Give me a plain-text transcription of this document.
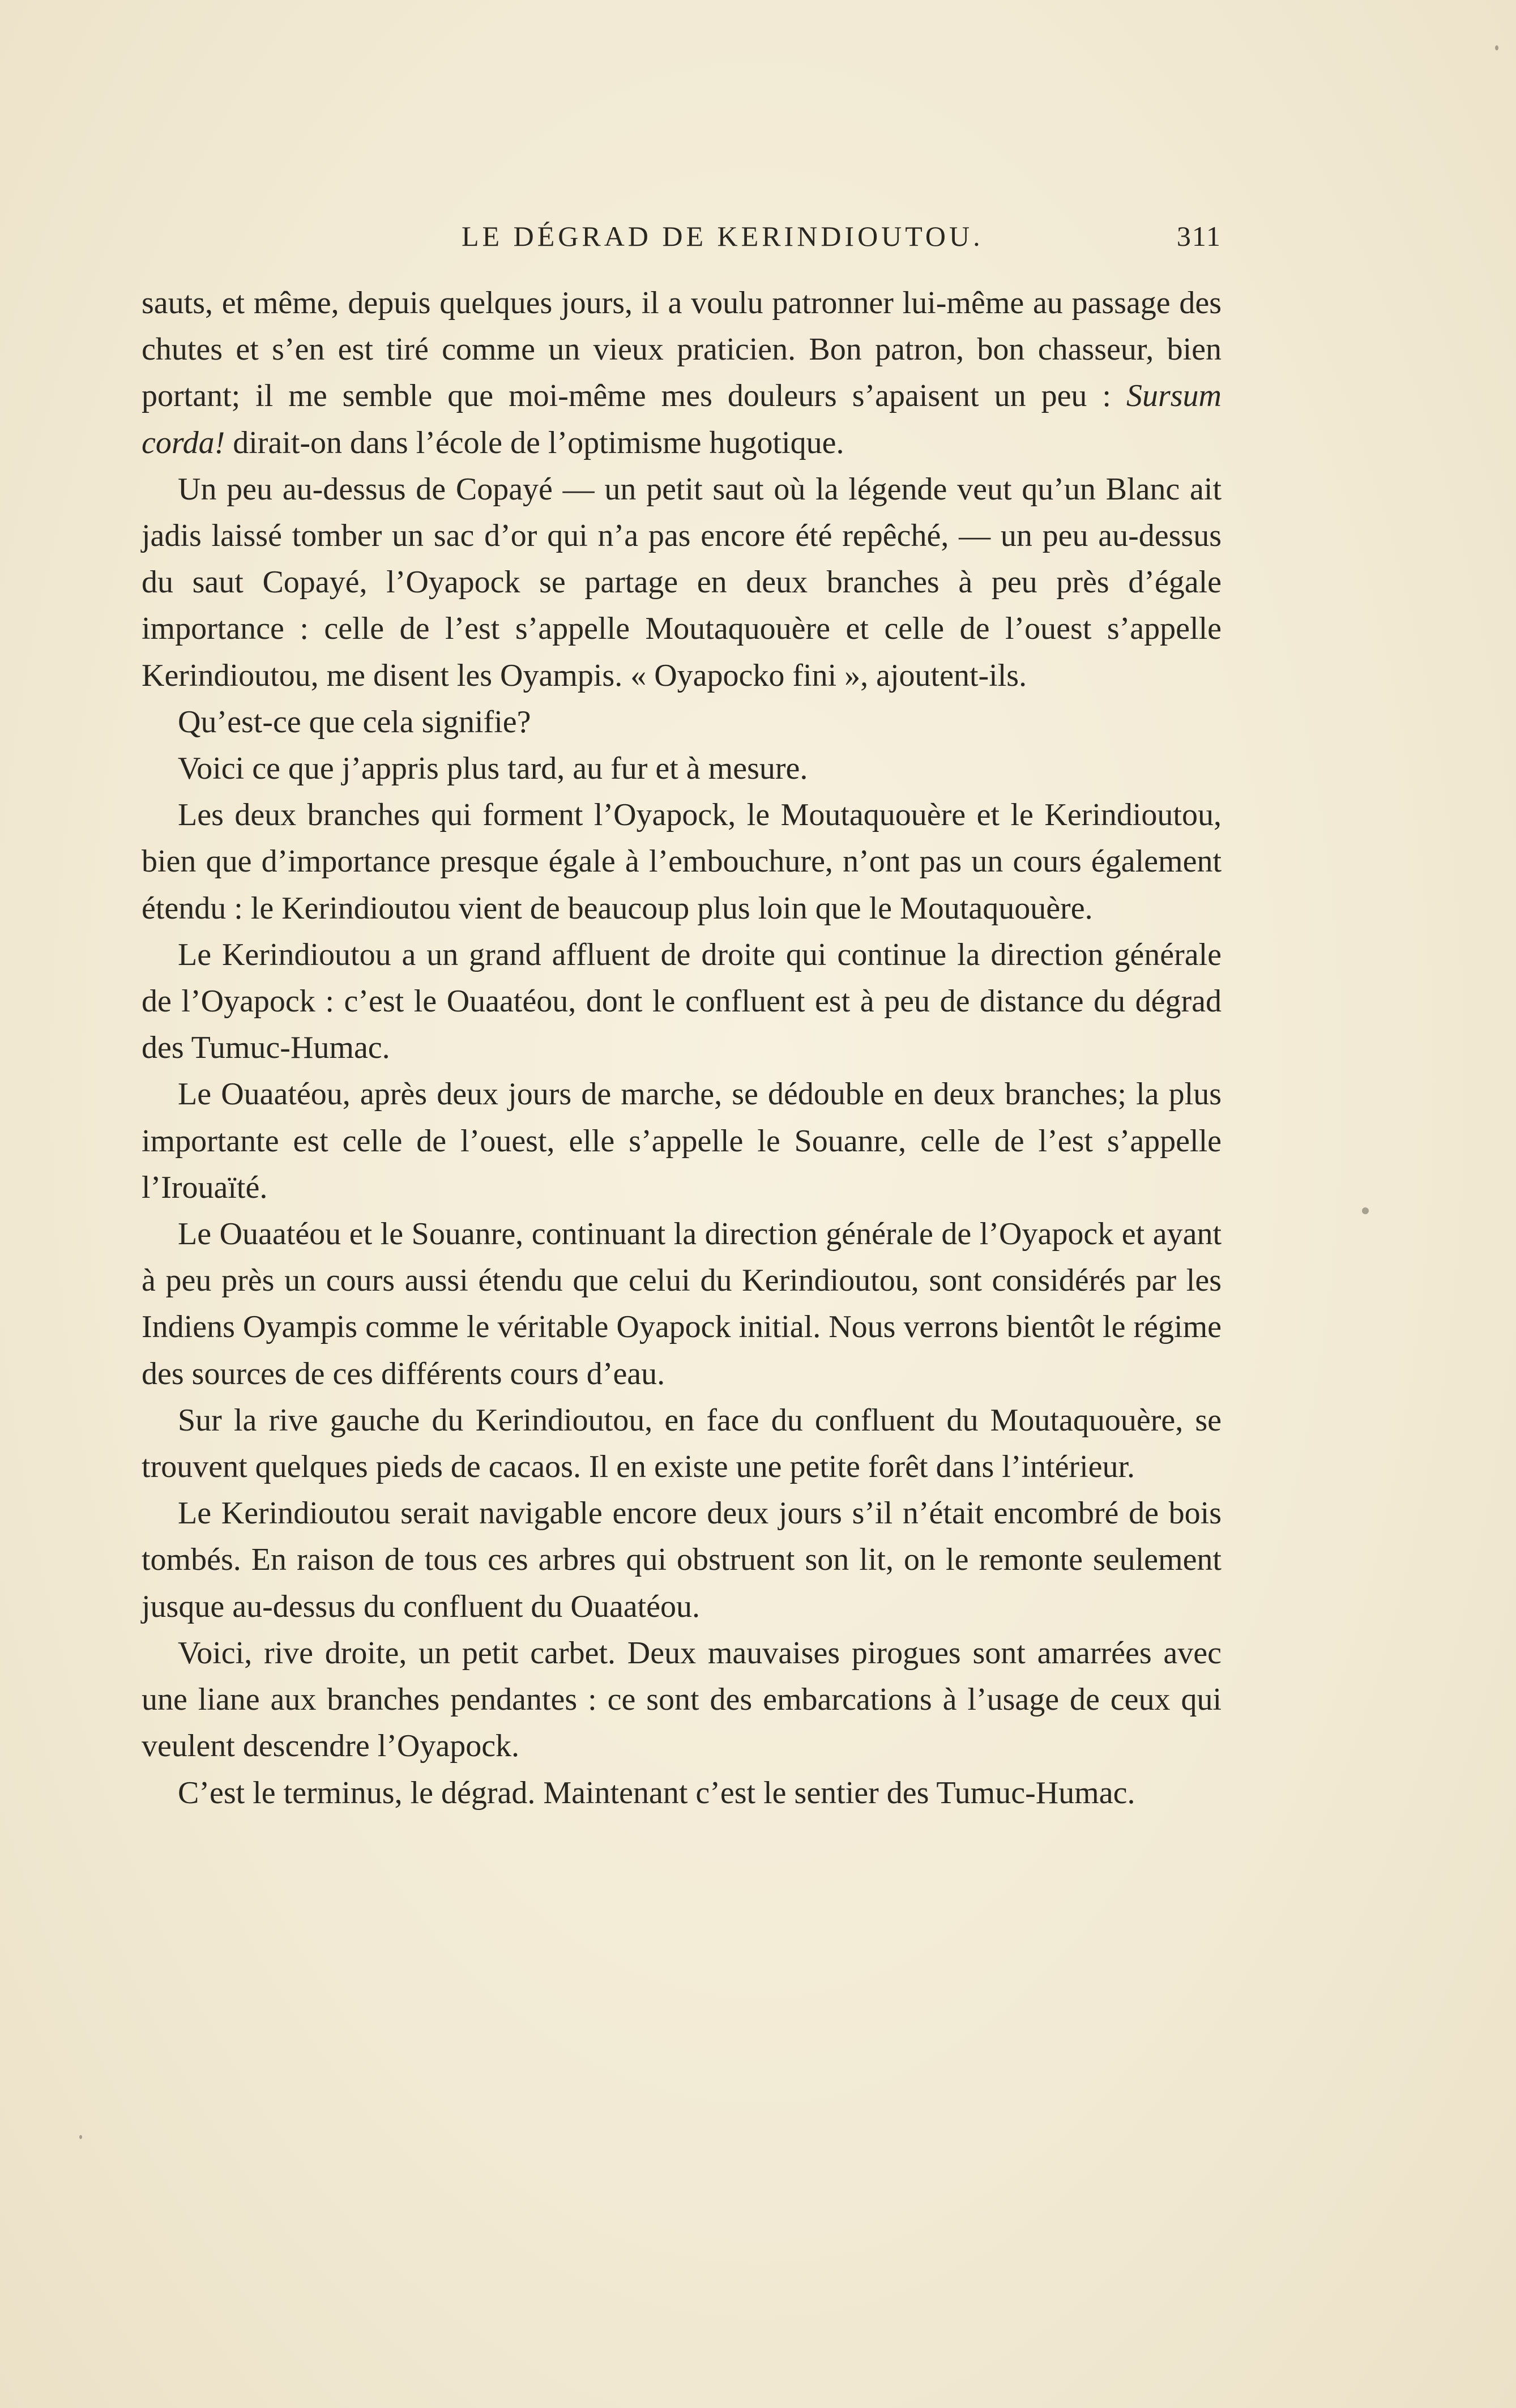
LE DÉGRAD DE KERINDIOUTOU.	311

sauts, et même, depuis quelques jours, il a voulu patronner lui-même au passage des chutes et s’en est tiré comme un vieux praticien. Bon patron, bon chasseur, bien portant; il me semble que moi-même mes douleurs s’apaisent un peu : Sursum corda! dirait-on dans l’école de l’optimisme hugotique.

Un peu au-dessus de Copayé — un petit saut où la légende veut qu’un Blanc ait jadis laissé tomber un sac d’or qui n’a pas encore été repêché, — un peu au-dessus du saut Copayé, l’Oyapock se partage en deux branches à peu près d’égale importance : celle de l’est s’appelle Moutaquouère et celle de l’ouest s’appelle Kerindioutou, me disent les Oyampis. « Oyapocko fini », ajoutent-ils.

Qu’est-ce que cela signifie?

Voici ce que j’appris plus tard, au fur et à mesure.

Les deux branches qui forment l’Oyapock, le Moutaquouère et le Kerindioutou, bien que d’importance presque égale à l’embouchure, n’ont pas un cours également étendu : le Kerindioutou vient de beaucoup plus loin que le Moutaquouère.

Le Kerindioutou a un grand affluent de droite qui continue la direction générale de l’Oyapock : c’est le Ouaatéou, dont le confluent est à peu de distance du dégrad des Tumuc-Humac.

Le Ouaatéou, après deux jours de marche, se dédouble en deux branches; la plus importante est celle de l’ouest, elle s’appelle le Souanre, celle de l’est s’appelle l’Irouaïté.

Le Ouaatéou et le Souanre, continuant la direction générale de l’Oyapock et ayant à peu près un cours aussi étendu que celui du Kerindioutou, sont considérés par les Indiens Oyampis comme le véritable Oyapock initial. Nous verrons bientôt le régime des sources de ces différents cours d’eau.

Sur la rive gauche du Kerindioutou, en face du confluent du Moutaquouère, se trouvent quelques pieds de cacaos. Il en existe une petite forêt dans l’intérieur.

Le Kerindioutou serait navigable encore deux jours s’il n’était encombré de bois tombés. En raison de tous ces arbres qui obstruent son lit, on le remonte seulement jusque au-dessus du confluent du Ouaatéou.

Voici, rive droite, un petit carbet. Deux mauvaises pirogues sont amarrées avec une liane aux branches pendantes : ce sont des embarcations à l’usage de ceux qui veulent descendre l’Oyapock.

C’est le terminus, le dégrad. Maintenant c’est le sentier des Tumuc-Humac.
